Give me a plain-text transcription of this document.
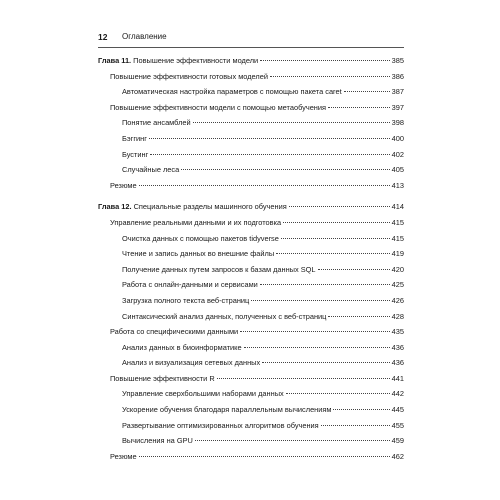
12	Оглавление
Глава 11. Повышение эффективности модели	385
Повышение эффективности готовых моделей	386
Автоматическая настройка параметров с помощью пакета caret	387
Повышение эффективности модели с помощью метаобучения	397
Понятие ансамблей	398
Бэггинг	400
Бустинг	402
Случайные леса	405
Резюме	413
Глава 12. Специальные разделы машинного обучения	414
Управление реальными данными и их подготовка	415
Очистка данных с помощью пакетов tidyverse	415
Чтение и запись данных во внешние файлы	419
Получение данных путем запросов к базам данных SQL	420
Работа с онлайн-данными и сервисами	425
Загрузка полного текста веб-страниц	426
Синтаксический анализ данных, полученных с веб-страниц	428
Работа со специфическими данными	435
Анализ данных в биоинформатике	436
Анализ и визуализация сетевых данных	436
Повышение эффективности R	441
Управление сверхбольшими наборами данных	442
Ускорение обучения благодаря параллельным вычислениям	445
Развертывание оптимизированных алгоритмов обучения	455
Вычисления на GPU	459
Резюме	462
